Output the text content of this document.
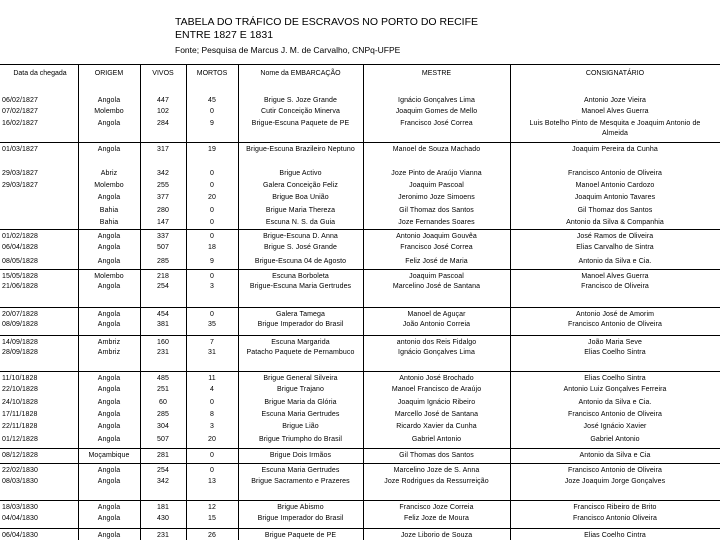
TABELA DO TRÁFICO DE ESCRAVOS NO PORTO DO RECIFE
ENTRE 1827 E 1831
Fonte; Pesquisa de Marcus J. M. de Carvalho, CNPq-UFPE
06/02/1827	Angola	447	45	Brigue S. Joze Grande	Ignácio Gonçalves Lima	Antonio Joze Vieira
07/02/1827	Molembo	102	0	Cutir Conceição Minerva	Joaquim Gomes de Mello	Manoel Alves Guerra
16/02/1827	Angola	284	9	Brigue-Escuna Paquete de PE	Francisco José Correa	Luis Botelho Pinto de Mesquita e Joaquim Antonio de Almeida
01/03/1827	Angola	317	19	Brigue-Escuna Brazileiro Neptuno	Manoel de Souza Machado	Joaquim Pereira da Cunha
29/03/1827	Abriz	342	0	Brigue Activo	Joze Pinto de Araújo Vianna	Francisco Antonio de Oliveira
29/03/1827	Molembo	255	0	Galera Conceição Feliz	Joaquim Pascoal	Manoel Antonio Cardozo
Angola	377	20	Brigue Boa União	Jeronimo Joze Simoens	Joaquim Antonio Tavares
Bahia	280	0	Brigue Maria Thereza	Gil Thomaz dos Santos	Gil Thomaz dos Santos
Bahia	147	0	Escuna N. S. da Guia	Joze Fernandes Soares	Antonio da Silva & Companhia
01/02/1828	Angola	337	0	Brigue-Escuna D. Anna	Antonio Joaquim Gouvêa	José Ramos de Oliveira
06/04/1828	Angola	507	18	Brigue S. José Grande	Francisco José Correa	Elias Carvalho de Sintra
08/05/1828	Angola	285	9	Brigue-Escuna 04 de Agosto	Feliz José de Maria	Antonio da Silva e Cia.
15/05/1828	Molembo	218	0	Escuna Borboleta	Joaquim Pascoal	Manoel Alves Guerra
21/06/1828	Angola	254	3	Brigue-Escuna Maria Gertrudes	Marcelino José de Santana	Francisco de Oliveira
20/07/1828	Angola	454	0	Galera Tamega	Manoel de Aguçar	Antonio José de Amorim
08/09/1828	Angola	381	35	Brigue Imperador do Brasil	João Antonio Correia	Francisco Antonio de Oliveira
14/09/1828	Ambriz	160	7	Escuna Margarida	antonio dos Reis Fidalgo	João Maria Seve
28/09/1828	Ambriz	231	31	Patacho Paquete de Pernambuco	Ignácio Gonçalves Lima	Elias Coelho Sintra
11/10/1828	Angola	485	11	Brigue General Silveira	Antonio José Brochado	Elias Coelho Sintra
22/10/1828	Angola	251	4	Brigue Trajano	Manoel Francisco de Araújo	Antonio Luiz Gonçalves Ferreira
24/10/1828	Angola	60	0	Brigue Maria da Glória	Joaquim Ignácio Ribeiro	Antonio da Silva e Cia.
17/11/1828	Angola	285	8	Escuna Maria Gertrudes	Marcello José de Santana	Francisco Antonio de Oliveira
22/11/1828	Angola	304	3	Brigue Lião	Ricardo Xavier da Cunha	José Ignácio Xavier
01/12/1828	Angola	507	20	Brigue Triumpho do Brasil	Gabriel Antonio	Gabriel Antonio
08/12/1828	Moçambique	281	0	Brigue Dois Irmãos	Gil Thomas dos Santos	Antonio da Silva e Cia
22/02/1830	Angola	254	0	Escuna Maria Gertrudes	Marcelino Joze de S. Anna	Francisco Antonio de Oliveira
08/03/1830	Angola	342	13	Brigue Sacramento e Prazeres	Joze Rodrigues da Ressurreição	Joze Joaquim Jorge Gonçalves
18/03/1830	Angola	181	12	Brigue Abismo	Francisco Joze Correia	Francisco Ribeiro de Brito
04/04/1830	Angola	430	15	Brigue Imperador do Brasil	Feliz Joze de Moura	Francisco Antonio Oliveira
06/04/1830	Angola	231	26	Brigue Paquete de PE	Joze Liborio de Souza	Elias Coelho Cintra
Data da chegada	ORIGEM	VIVOS	MORTOS	Nome da EMBARCAÇÃO	MESTRE	CONSIGNATÁRIO
